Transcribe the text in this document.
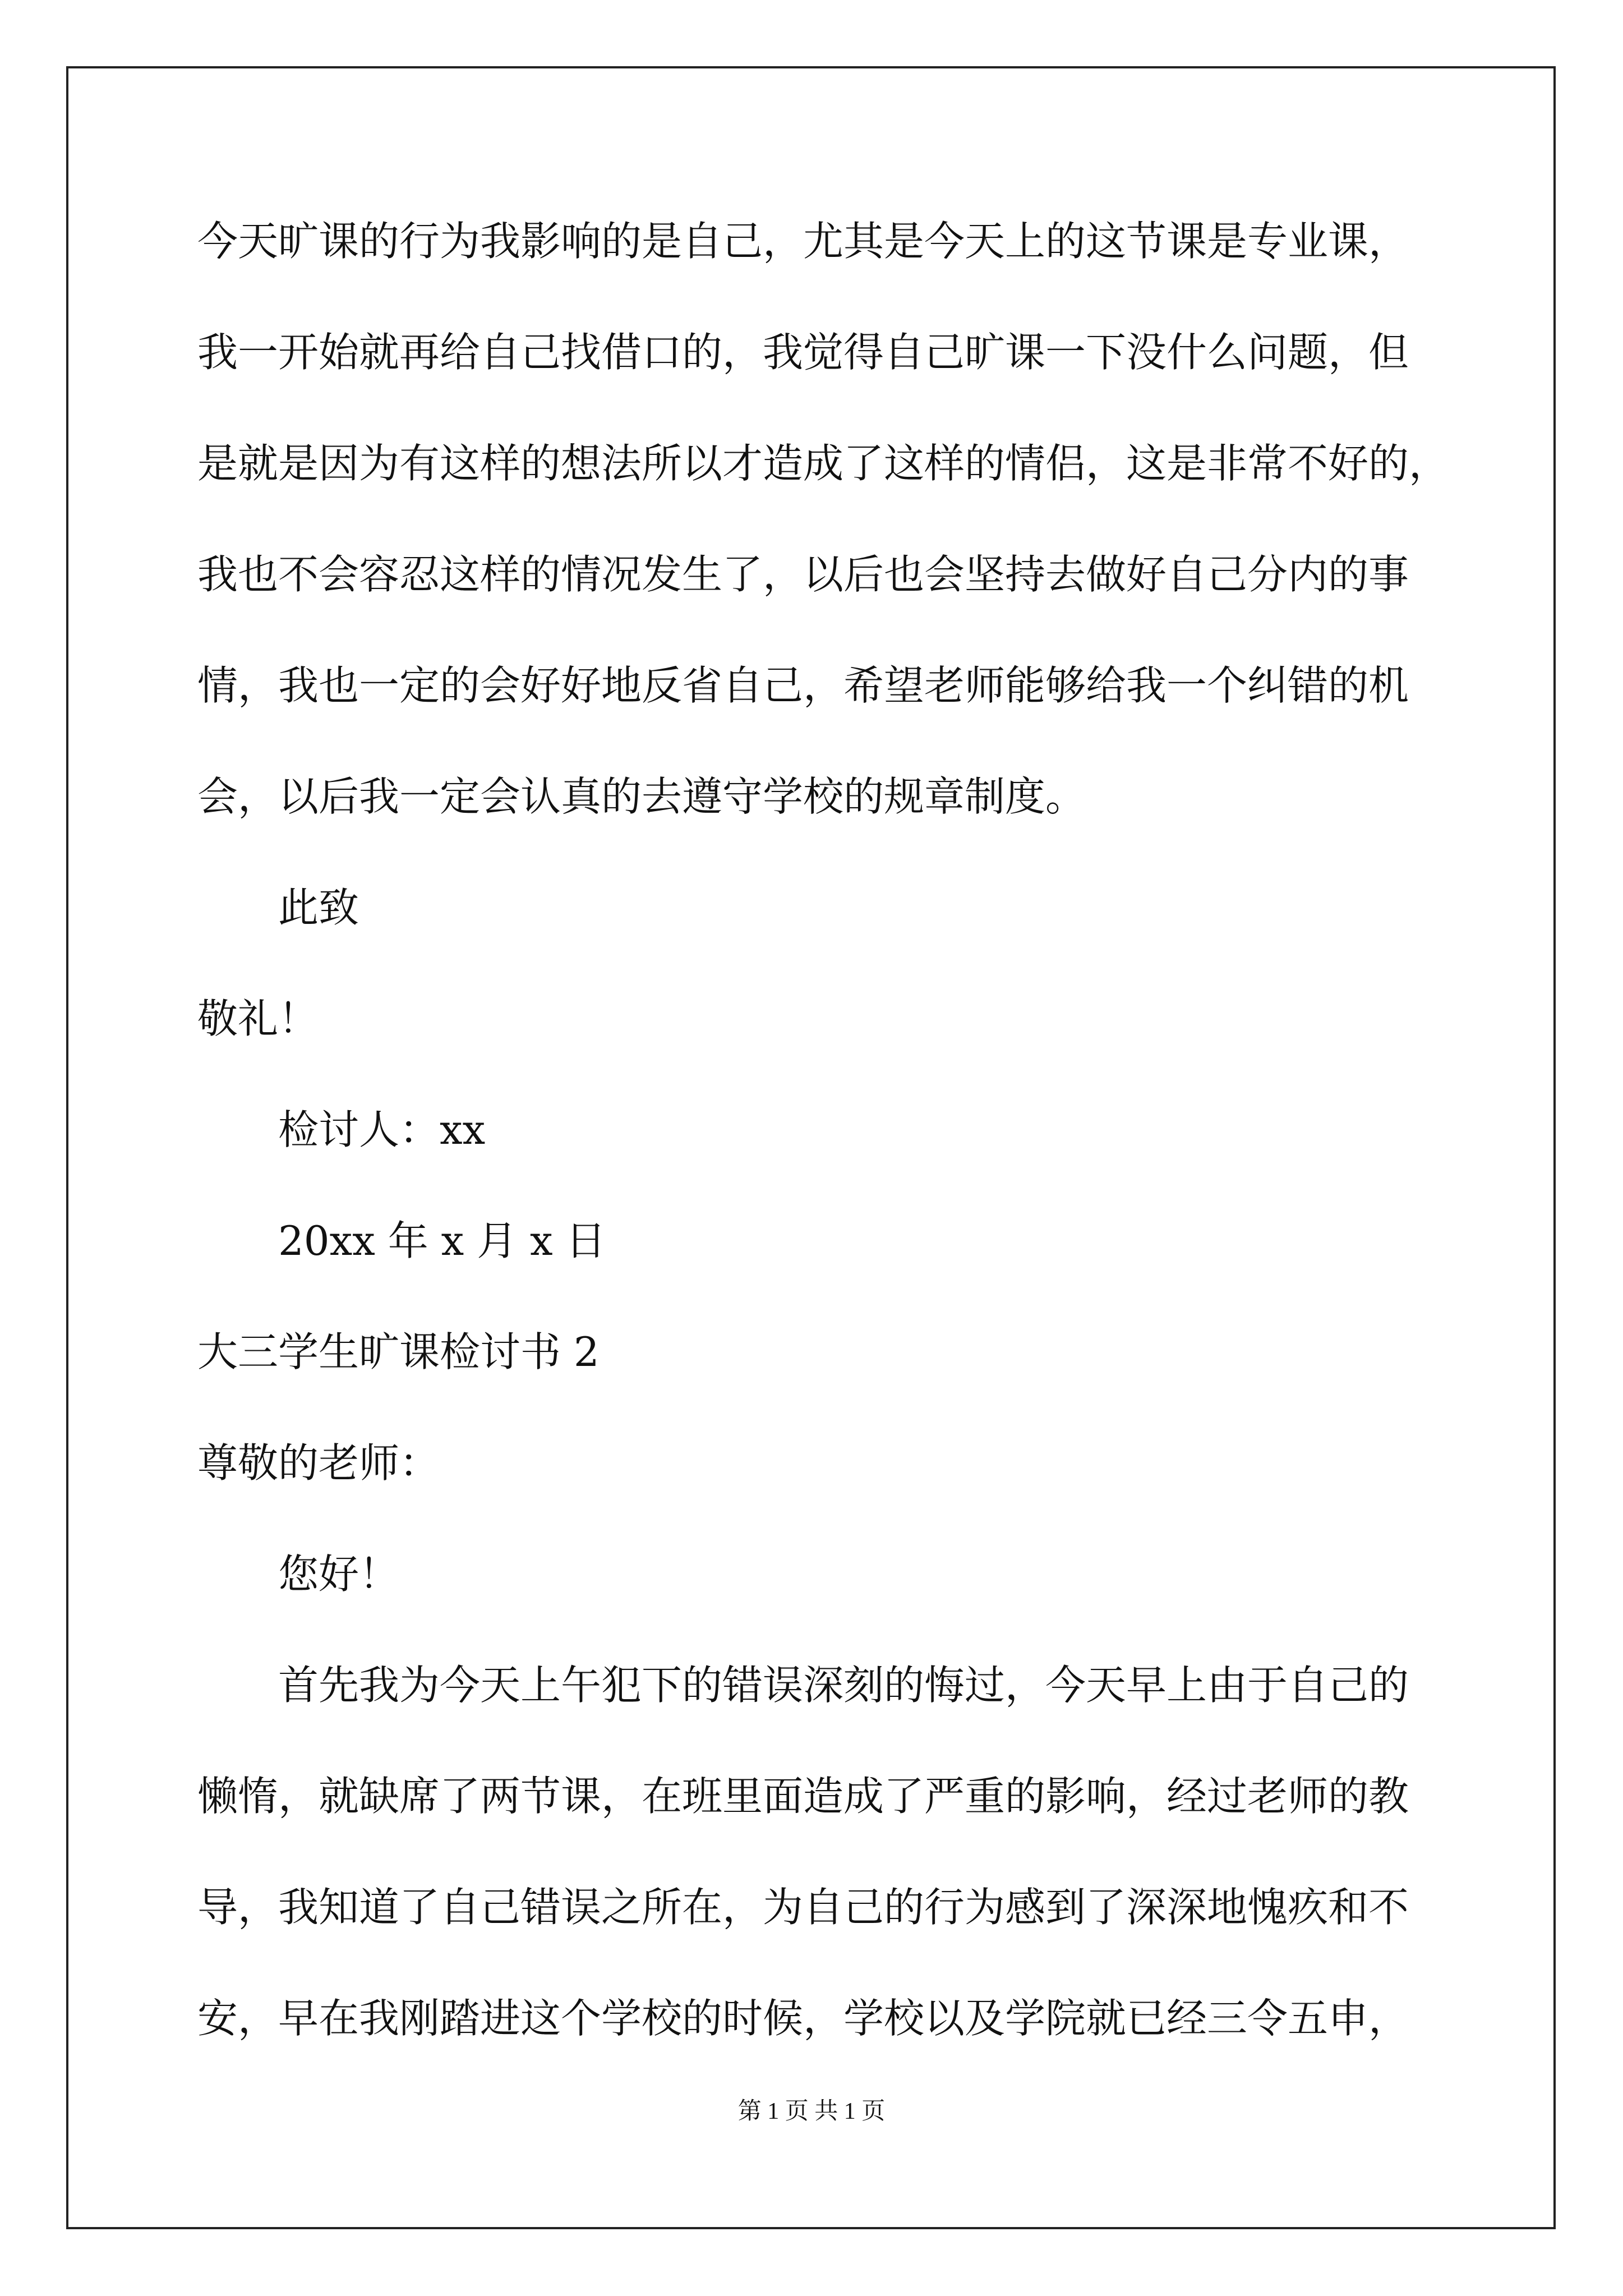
今天旷课的行为我影响的是自己，尤其是今天上的这节课是专业课，
我一开始就再给自己找借口的，我觉得自己旷课一下没什么问题，但
是就是因为有这样的想法所以才造成了这样的情侣，这是非常不好的，
我也不会容忍这样的情况发生了，以后也会坚持去做好自己分内的事
情，我也一定的会好好地反省自己，希望老师能够给我一个纠错的机
会，以后我一定会认真的去遵守学校的规章制度。
此致
敬礼！
检讨人：xx
20xx 年 x 月 x 日
大三学生旷课检讨书 2
尊敬的老师：
您好！
首先我为今天上午犯下的错误深刻的悔过，今天早上由于自己的
懒惰，就缺席了两节课，在班里面造成了严重的影响，经过老师的教
导，我知道了自己错误之所在，为自己的行为感到了深深地愧疚和不
安，早在我刚踏进这个学校的时候，学校以及学院就已经三令五申，
第 1 页 共 1 页
